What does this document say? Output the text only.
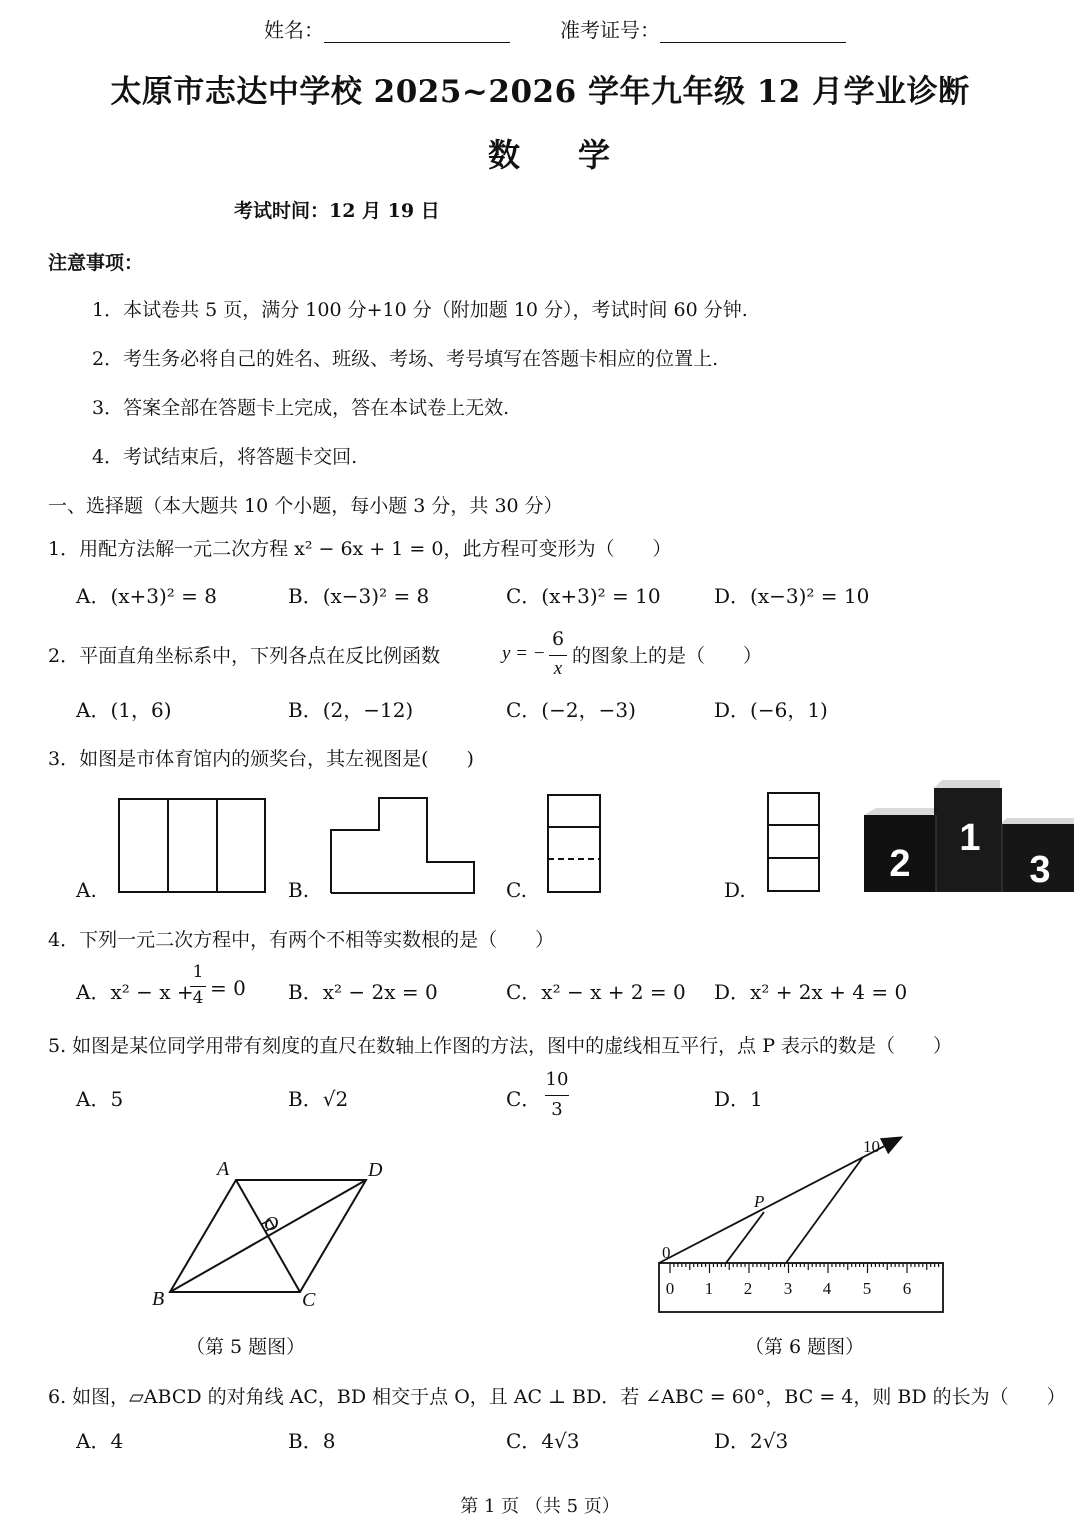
姓名：	准考证号：
太原市志达中学校 2025~2026 学年九年级 12 月学业诊断
数学
考试时间：12 月 19 日
注意事项：
1．本试卷共 5 页，满分 100 分+10 分（附加题 10 分），考试时间 60 分钟.
2．考生务必将自己的姓名、班级、考场、考号填写在答题卡相应的位置上.
3．答案全部在答题卡上完成，答在本试卷上无效.
4．考试结束后，将答题卡交回.
一、选择题（本大题共 10 个小题，每小题 3 分，共 30 分）
1．用配方法解一元二次方程 x² − 6x + 1 = 0，此方程可变形为（　　）
A．(x+3)² = 8	B．(x−3)² = 8	C．(x+3)² = 10	D．(x−3)² = 10
2．平面直角坐标系中，下列各点在反比例函数	y = −
6
x
的图象上的是（　　）
A．(1，6)	B．(2，−12)	C．(−2，−3)	D．(−6，1)
3．如图是市体育馆内的颁奖台，其左视图是(　　)
A.	B.	C.	D.
2
1
3
4．下列一元二次方程中，有两个不相等实数根的是（　　）
A．x² − x +
1
4 = 0 B．x² − 2x = 0	C．x² − x + 2 = 0 D．x² + 2x + 4 = 0
5. 如图是某位同学用带有刻度的直尺在数轴上作图的方法，图中的虚线相互平行，点 P 表示的数是（　　）
A．5	B．√2	C．
10
3	D．1
A	D
O
B	C
（第 5 题图）
10
P
0
0 1 2 3 4 5 6
（第 6 题图）
6. 如图，▱ABCD 的对角线 AC，BD 相交于点 O，且 AC ⊥ BD．若 ∠ABC = 60°，BC = 4，则 BD 的长为（　　）
A．4	B．8	C．4√3	D．2√3
第 1 页 （共 5 页）
